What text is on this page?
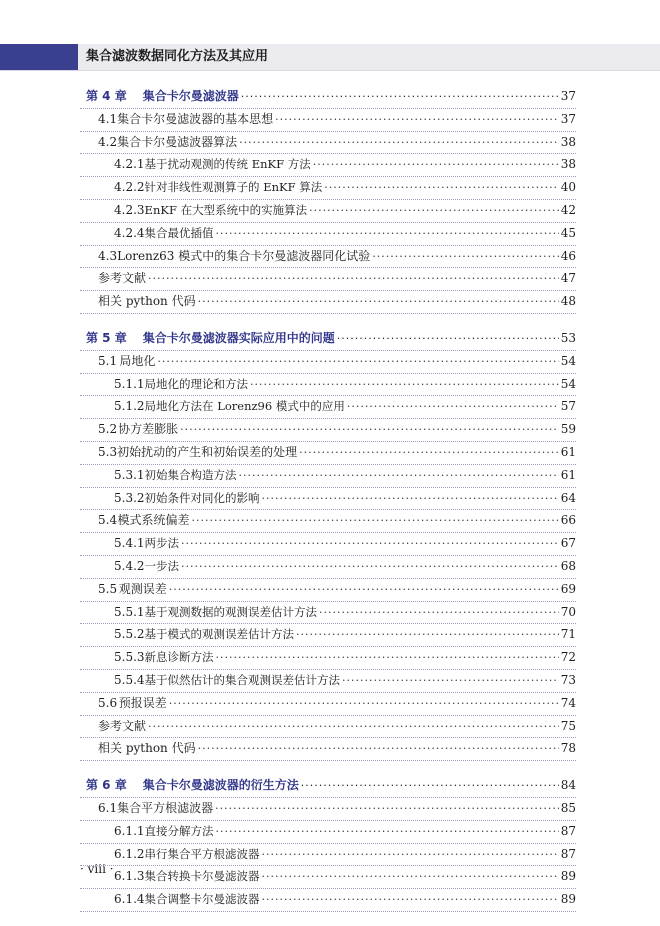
集合滤波数据同化方法及其应用
第 4 章 集合卡尔曼滤波器 ·····	37
4.1 集合卡尔曼滤波器的基本思想 ·····	37
4.2 集合卡尔曼滤波器算法 ·····	38
4.2.1 基于扰动观测的传统 EnKF 方法 ·····	38
4.2.2 针对非线性观测算子的 EnKF 算法 ·····	40
4.2.3 EnKF 在大型系统中的实施算法 ·····	42
4.2.4 集合最优插值 ·····	45
4.3 Lorenz63 模式中的集合卡尔曼滤波器同化试验 ·····	46
参考文献 ·····	47
相关 python 代码 ·····	48
第 5 章 集合卡尔曼滤波器实际应用中的问题 ·····	53
5.1 局地化 ·····	54
5.1.1 局地化的理论和方法 ·····	54
5.1.2 局地化方法在 Lorenz96 模式中的应用 ·····	57
5.2 协方差膨胀 ·····	59
5.3 初始扰动的产生和初始误差的处理 ·····	61
5.3.1 初始集合构造方法 ·····	61
5.3.2 初始条件对同化的影响 ·····	64
5.4 模式系统偏差 ·····	66
5.4.1 两步法 ·····	67
5.4.2 一步法 ·····	68
5.5 观测误差 ·····	69
5.5.1 基于观测数据的观测误差估计方法 ·····	70
5.5.2 基于模式的观测误差估计方法 ·····	71
5.5.3 新息诊断方法 ·····	72
5.5.4 基于似然估计的集合观测误差估计方法 ·····	73
5.6 预报误差 ·····	74
参考文献 ·····	75
相关 python 代码 ·····	78
第 6 章 集合卡尔曼滤波器的衍生方法 ·····	84
6.1 集合平方根滤波器 ·····	85
6.1.1 直接分解方法 ·····	87
6.1.2 串行集合平方根滤波器 ·····	87
6.1.3 集合转换卡尔曼滤波器 ·····	89
6.1.4 集合调整卡尔曼滤波器 ·····	89
· viii ·
